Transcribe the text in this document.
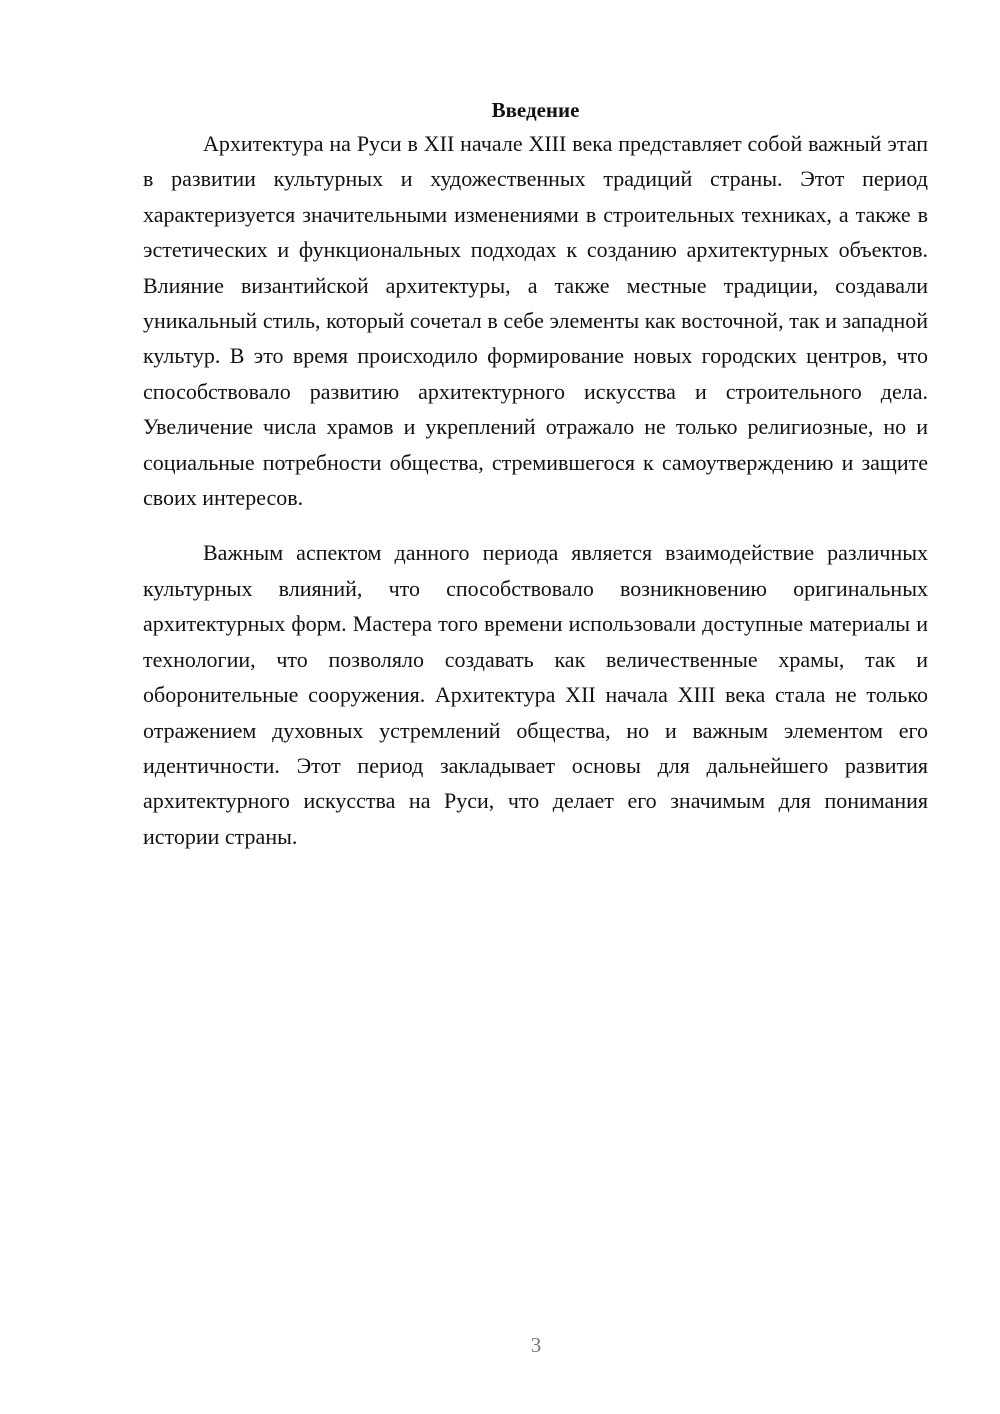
Введение

Архитектура на Руси в XII начале XIII века представляет собой важный этап в развитии культурных и художественных традиций страны. Этот период характеризуется значительными изменениями в строительных техниках, а также в эстетических и функциональных подходах к созданию архитектурных объектов. Влияние византийской архитектуры, а также местные традиции, создавали уникальный стиль, который сочетал в себе элементы как восточной, так и западной культур. В это время происходило формирование новых городских центров, что способствовало развитию архитектурного искусства и строительного дела. Увеличение числа храмов и укреплений отражало не только религиозные, но и социальные потребности общества, стремившегося к самоутверждению и защите своих интересов.

Важным аспектом данного периода является взаимодействие различных культурных влияний, что способствовало возникновению оригинальных архитектурных форм. Мастера того времени использовали доступные материалы и технологии, что позволяло создавать как величественные храмы, так и оборонительные сооружения. Архитектура XII начала XIII века стала не только отражением духовных устремлений общества, но и важным элементом его идентичности. Этот период закладывает основы для дальнейшего развития архитектурного искусства на Руси, что делает его значимым для понимания истории страны.

3
